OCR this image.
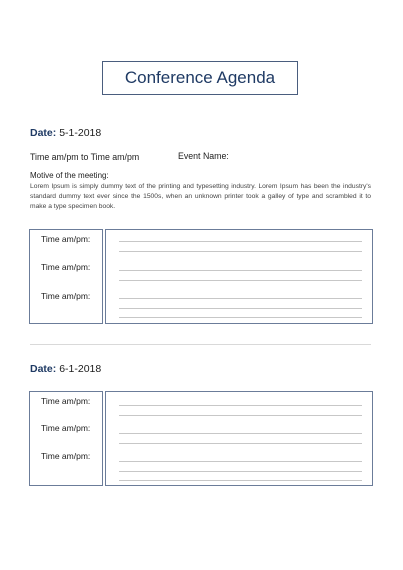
Conference Agenda
Date: 5-1-2018
Time am/pm to Time am/pm	Event Name:
Motive of the meeting:
Lorem Ipsum is simply dummy text of the printing and typesetting industry. Lorem Ipsum has been the industry's standard dummy text ever since the 1500s, when an unknown printer took a galley of type and scrambled it to make a type specimen book.
Time am/pm:
Time am/pm:
Time am/pm:
Date: 6-1-2018
Time am/pm:
Time am/pm:
Time am/pm:
